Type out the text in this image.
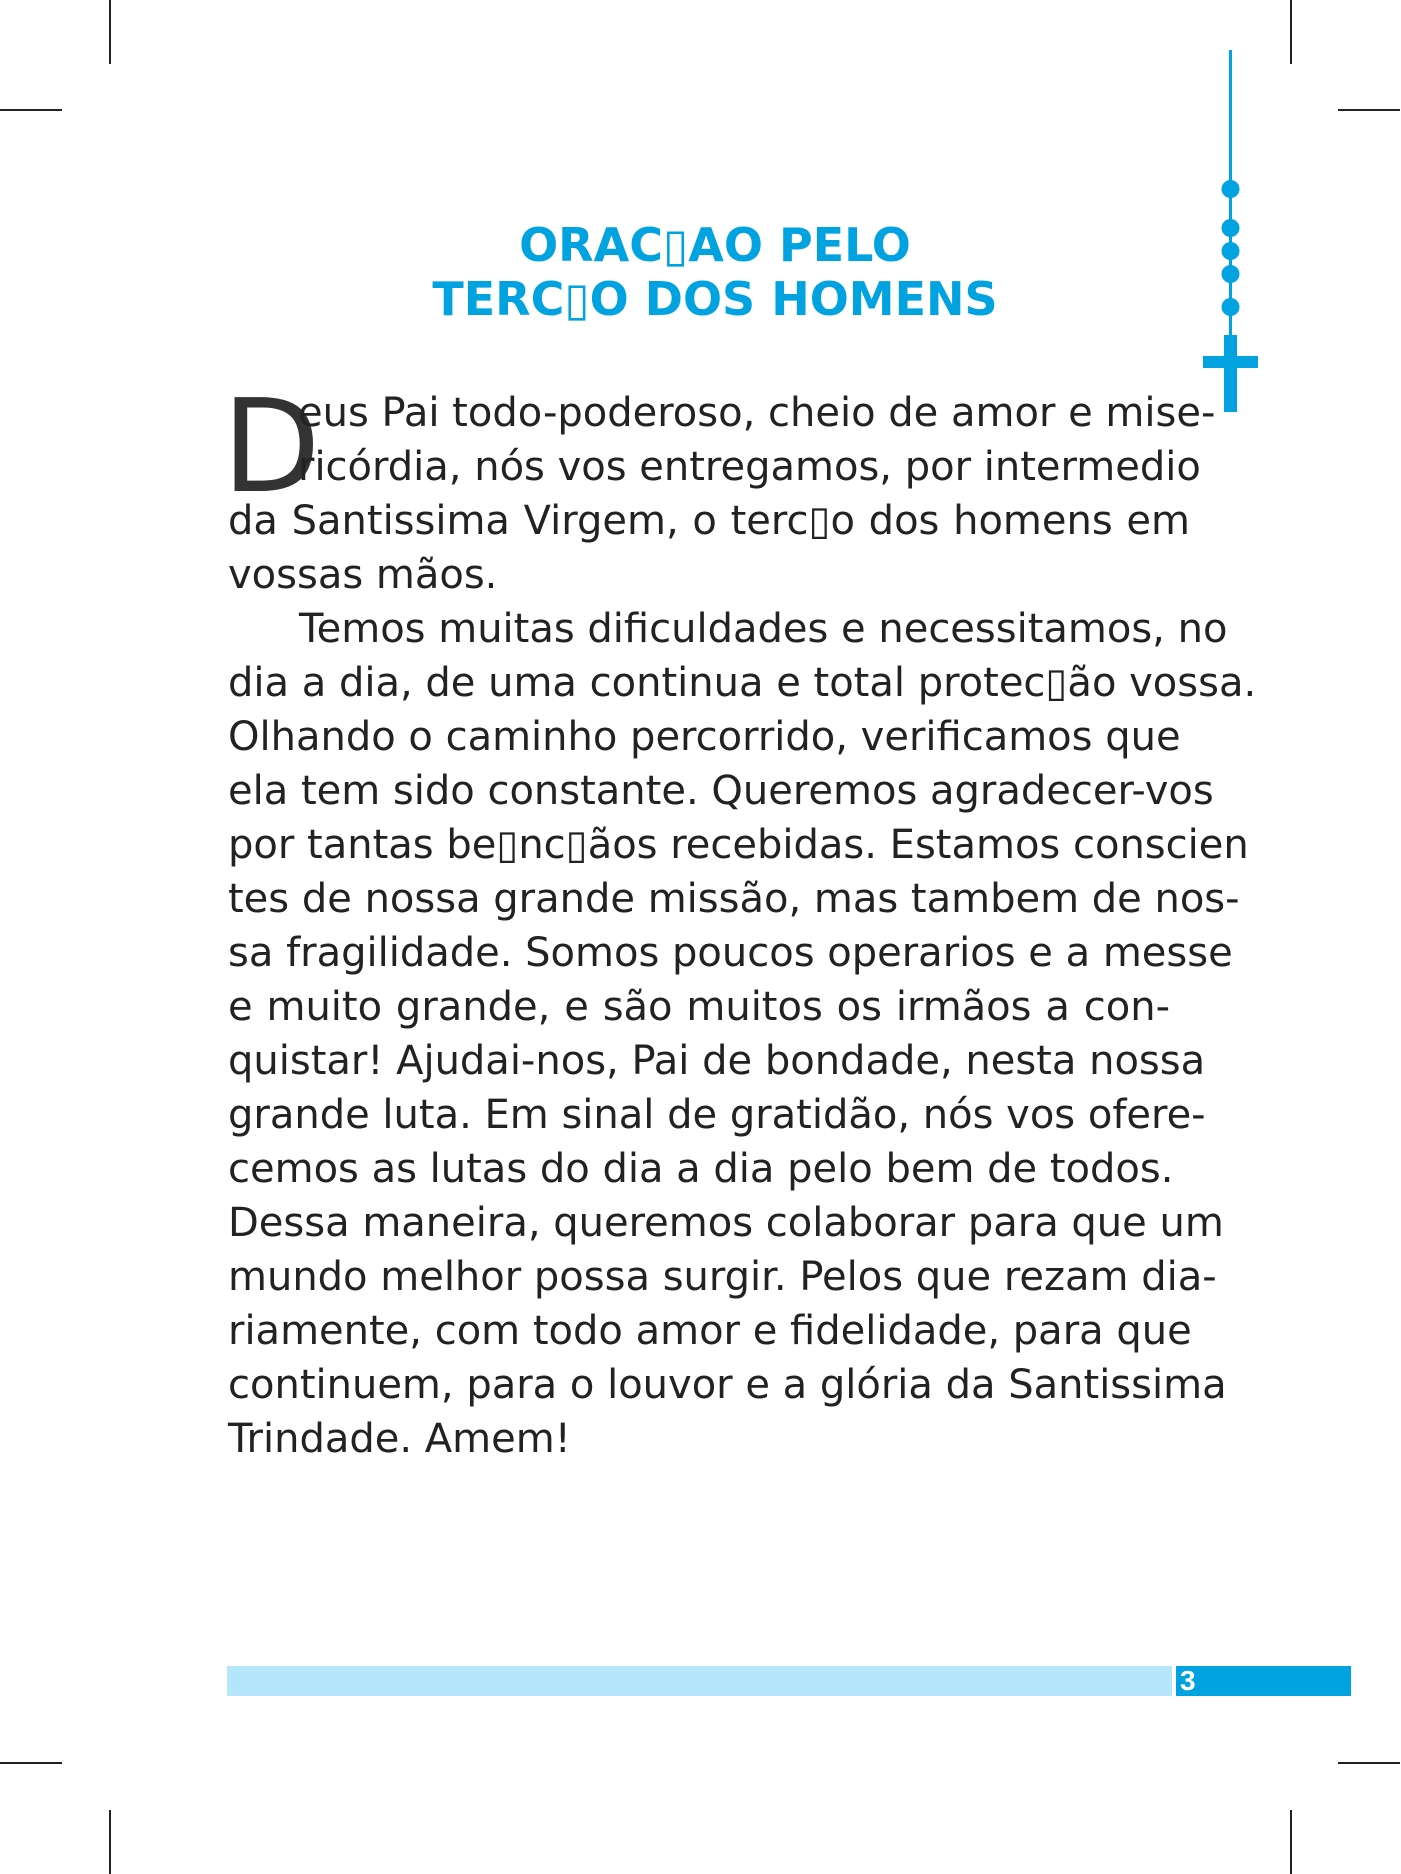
ORAC▯AO PELO
TERC▯O DOS HOMENS
D
eus Pai todo-poderoso, cheio de amor e mise-
ricórdia, nós vos entregamos, por intermedio
da Santissima Virgem, o terc▯o dos homens em
vossas mãos.
Temos muitas dificuldades e necessitamos, no
dia a dia, de uma continua e total protec▯ão vossa.
Olhando o caminho percorrido, verificamos que
ela tem sido constante. Queremos agradecer-vos
por tantas be▯nc▯ãos recebidas. Estamos conscien
tes de nossa grande missão, mas tambem de nos-
sa fragilidade. Somos poucos operarios e a messe
e muito grande, e são muitos os irmãos a con-
quistar! Ajudai-nos, Pai de bondade, nesta nossa
grande luta. Em sinal de gratidão, nós vos ofere-
cemos as lutas do dia a dia pelo bem de todos.
Dessa maneira, queremos colaborar para que um
mundo melhor possa surgir. Pelos que rezam dia-
riamente, com todo amor e fidelidade, para que
continuem, para o louvor e a glória da Santissima
Trindade. Amem!
3
